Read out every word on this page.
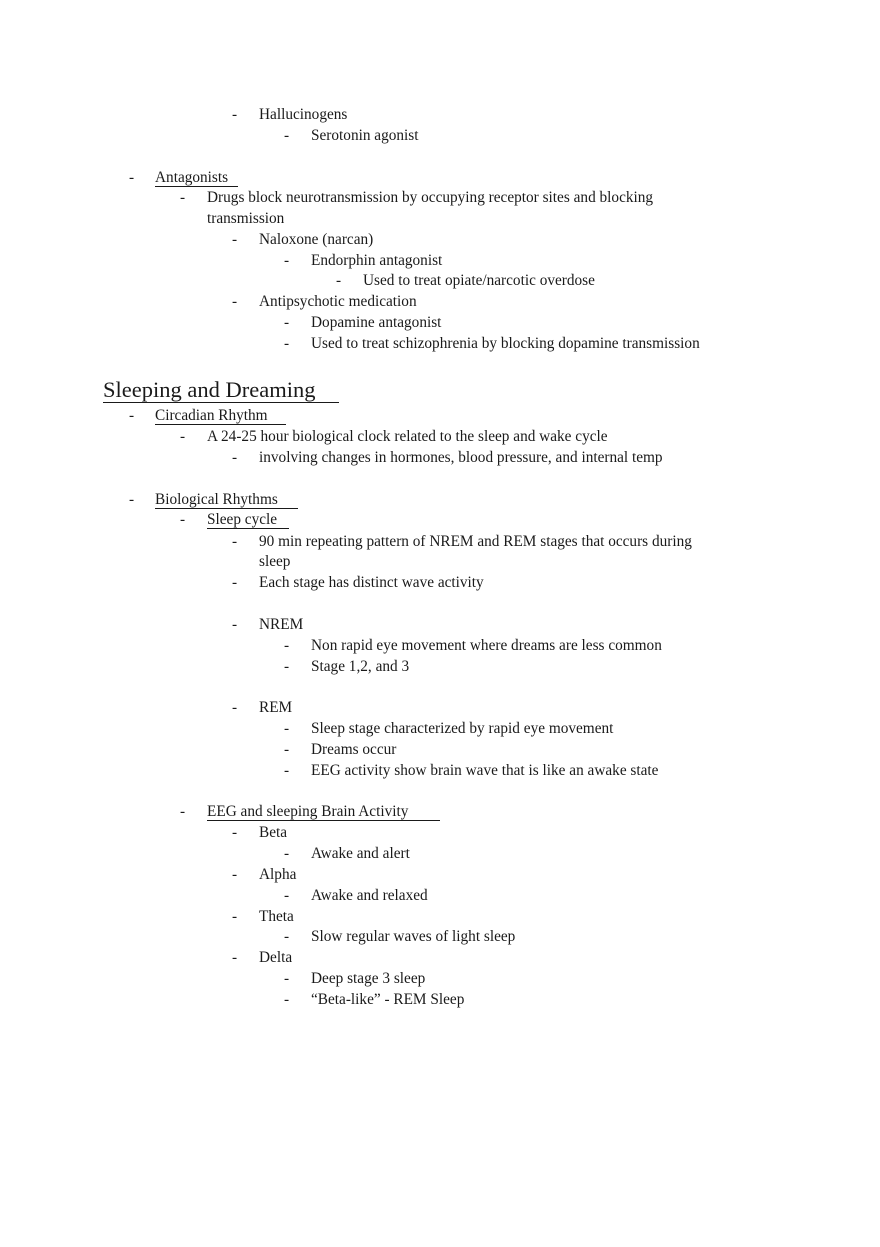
- Hallucinogens
- Serotonin agonist
- Antagonists
- Drugs block neurotransmission by occupying receptor sites and blocking
transmission
- Naloxone (narcan)
- Endorphin antagonist
- Used to treat opiate/narcotic overdose
- Antipsychotic medication
- Dopamine antagonist
- Used to treat schizophrenia by blocking dopamine transmission
Sleeping and Dreaming
- Circadian Rhythm
- A 24-25 hour biological clock related to the sleep and wake cycle
- involving changes in hormones, blood pressure, and internal temp
- Biological Rhythms
- Sleep cycle
- 90 min repeating pattern of NREM and REM stages that occurs during
sleep
- Each stage has distinct wave activity
- NREM
- Non rapid eye movement where dreams are less common
- Stage 1,2, and 3
- REM
- Sleep stage characterized by rapid eye movement
- Dreams occur
- EEG activity show brain wave that is like an awake state
- EEG and sleeping Brain Activity
- Beta
- Awake and alert
- Alpha
- Awake and relaxed
- Theta
- Slow regular waves of light sleep
- Delta
- Deep stage 3 sleep
- “Beta-like” - REM Sleep
